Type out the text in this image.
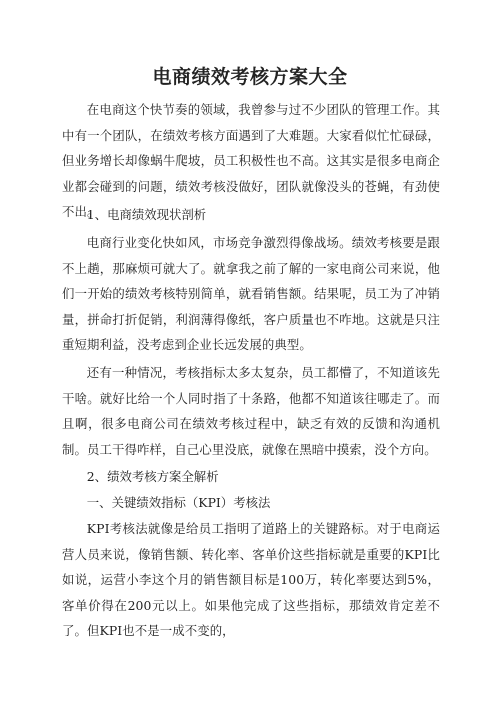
电商绩效考核方案大全

在电商这个快节奏的领域，我曾参与过不少团队的管理工作。其中有一个团队，在绩效考核方面遇到了大难题。大家看似忙忙碌碌，但业务增长却像蜗牛爬坡，员工积极性也不高。这其实是很多电商企业都会碰到的问题，绩效考核没做好，团队就像没头的苍蝇，有劲使不出。

1、电商绩效现状剖析

电商行业变化快如风，市场竞争激烈得像战场。绩效考核要是跟不上趟，那麻烦可就大了。就拿我之前了解的一家电商公司来说，他们一开始的绩效考核特别简单，就看销售额。结果呢，员工为了冲销量，拼命打折促销，利润薄得像纸，客户质量也不咋地。这就是只注重短期利益，没考虑到企业长远发展的典型。

还有一种情况，考核指标太多太复杂，员工都懵了，不知道该先干啥。就好比给一个人同时指了十条路，他都不知道该往哪走了。而且啊，很多电商公司在绩效考核过程中，缺乏有效的反馈和沟通机制。员工干得咋样，自己心里没底，就像在黑暗中摸索，没个方向。

2、绩效考核方案全解析

一、关键绩效指标（KPI）考核法

KPI考核法就像是给员工指明了道路上的关键路标。对于电商运营人员来说，像销售额、转化率、客单价这些指标就是重要的KPI比如说，运营小李这个月的销售额目标是100万，转化率要达到5%，客单价得在200元以上。如果他完成了这些指标，那绩效肯定差不了。但KPI也不是一成不变的，
